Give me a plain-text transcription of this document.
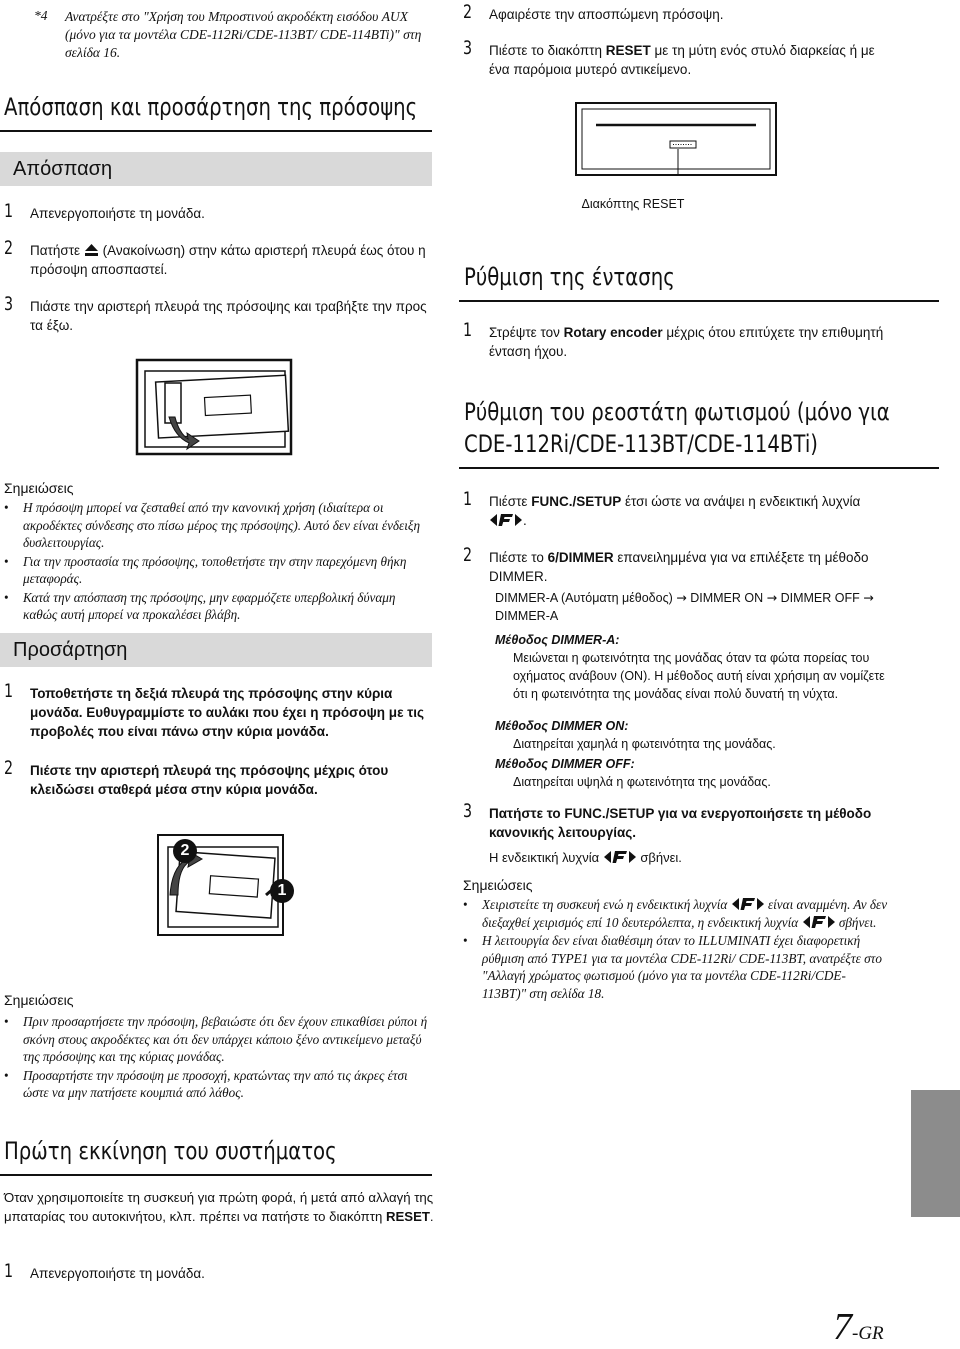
*4 Ανατρέξτε στο "Χρήση του Μπροστινού ακροδέκτη εισόδου AUX (μόνο για τα μοντέλα CDE-112Ri/CDE-113BT/ CDE-114BTi)" στη σελίδα 16.
Απόσπαση και προσάρτηση της πρόσοψης
Απόσπαση
1 Απενεργοποιήστε τη μονάδα.
2 Πατήστε (Ανακοίνωση) στην κάτω αριστερή πλευρά έως ότου η πρόσοψη αποσπαστεί.
3 Πιάστε την αριστερή πλευρά της πρόσοψης και τραβήξτε την προς τα έξω.
Σημειώσεις
• Η πρόσοψη μπορεί να ζεσταθεί από την κανονική χρήση (ιδιαίτερα οι ακροδέκτες σύνδεσης στο πίσω μέρος της πρόσοψης). Αυτό δεν είναι ένδειξη δυσλειτουργίας.
• Για την προστασία της πρόσοψης, τοποθετήστε την στην παρεχόμενη θήκη μεταφοράς.
• Κατά την απόσπαση της πρόσοψης, μην εφαρμόζετε υπερβολική δύναμη καθώς αυτή μπορεί να προκαλέσει βλάβη.
Προσάρτηση
1 Τοποθετήστε τη δεξιά πλευρά της πρόσοψης στην κύρια μονάδα. Ευθυγραμμίστε το αυλάκι που έχει η πρόσοψη με τις προβολές που είναι πάνω στην κύρια μονάδα.
2 Πιέστε την αριστερή πλευρά της πρόσοψης μέχρις ότου κλειδώσει σταθερά μέσα στην κύρια μονάδα.
2
1
Σημειώσεις
• Πριν προσαρτήσετε την πρόσοψη, βεβαιώστε ότι δεν έχουν επικαθίσει ρύποι ή σκόνη στους ακροδέκτες και ότι δεν υπάρχει κάποιο ξένο αντικείμενο μεταξύ της πρόσοψης και της κύριας μονάδας.
• Προσαρτήστε την πρόσοψη με προσοχή, κρατώντας την από τις άκρες έτσι ώστε να μην πατήσετε κουμπιά από λάθος.
Πρώτη εκκίνηση του συστήματος
Όταν χρησιμοποιείτε τη συσκευή για πρώτη φορά, ή μετά από αλλαγή της μπαταρίας του αυτοκινήτου, κλπ. πρέπει να πατήστε το διακόπτη RESET.
1 Απενεργοποιήστε τη μονάδα.
2 Αφαιρέστε την αποσπώμενη πρόσοψη.
3 Πιέστε το διακόπτη RESET με τη μύτη ενός στυλό διαρκείας ή με ένα παρόμοια μυτερό αντικείμενο.
Διακόπτης RESET
Ρύθμιση της έντασης
1 Στρέψτε τον Rotary encoder μέχρις ότου επιτύχετε την επιθυμητή ένταση ήχου.
Ρύθμιση του ρεοστάτη φωτισμού (μόνο για
CDE-112Ri/CDE-113BT/CDE-114BTi)
1 Πιέστε FUNC./SETUP έτσι ώστε να ανάψει η ενδεικτική λυχνία .
2 Πιέστε το 6/DIMMER επανειλημμένα για να επιλέξετε τη μέθοδο DIMMER.
DIMMER-A (Αυτόματη μέθοδος) → DIMMER ON → DIMMER OFF →
DIMMER-A
Μέθοδος DIMMER-A:
Μειώνεται η φωτεινότητα της μονάδας όταν τα φώτα πορείας του οχήματος ανάβουν (ON). Η μέθοδος αυτή είναι χρήσιμη αν νομίζετε ότι η φωτεινότητα της μονάδας είναι πολύ δυνατή τη νύχτα.
Μέθοδος DIMMER ON:
Διατηρείται χαμηλά η φωτεινότητα της μονάδας.
Μέθοδος DIMMER OFF:
Διατηρείται υψηλά η φωτεινότητα της μονάδας.
3 Πατήστε το FUNC./SETUP για να ενεργοποιήσετε τη μέθοδο κανονικής λειτουργίας.
Η ενδεικτική λυχνία	σβήνει.
Σημειώσεις
• Χειριστείτε τη συσκευή ενώ η ενδεικτική λυχνία	είναι αναμμένη. Αν δεν διεξαχθεί χειρισμός επί 10 δευτερόλεπτα, η ενδεικτική λυχνία	σβήνει.
• Η λειτουργία δεν είναι διαθέσιμη όταν το ILLUMINATI έχει διαφορετική ρύθμιση από TYPE1 για τα μοντέλα CDE-112Ri/ CDE-113BT, ανατρέξτε στο "Αλλαγή χρώματος φωτισμού (μόνο για τα μοντέλα CDE-112Ri/CDE-113BT)" στη σελίδα 18.
7-GR
